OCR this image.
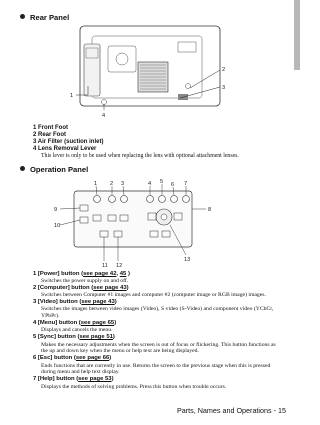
Rear Panel
1
2
3
4
1 Front Foot
2 Rear Foot
3 Air Filter (suction inlet)
4 Lens Removal Lever
This lever is only to be used when replacing the lens with optional attachment lenses.
Operation Panel
1 2 3	4 5 6 7
8
9
10
11 12
13
1 [Power] button (see page 42, 45 )
Switches the power supply on and off.
2 [Computer] button (see page 43)
Switches between Computer #1 images and computer #2 (computer image or RGB image) images.
3 [Video] button (see page 43)
Switches the images between video images (Video), S video (S-Video) and component video (YCbCr, YPbPr).
4 [Menu] button (see page 65)
Displays and cancels the menu.
5 [Sync] button (see page 51)
Makes the necessary adjustments when the screen is out of focus or flickering. This button functions as the up and down key when the menu or help text are being displayed.
6 [Esc] button (see page 66)
Ends functions that are currently in use. Returns the screen to the previous stage when this is pressed during menu and help text display.
7 [Help] button (see page 53)
Displays the methods of solving problems. Press this button when trouble occurs.
Parts, Names and Operations - 15
